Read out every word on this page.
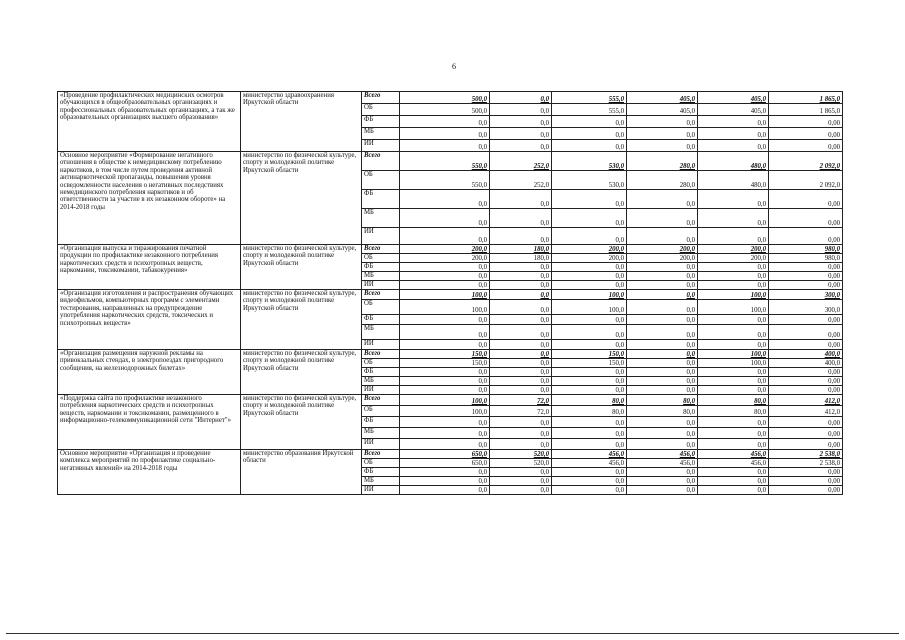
6
«Проведение профилактических медицинских осмотров обучающихся в общеобразовательных организациях и профессиональных образовательных организациях, а так же образовательных организациях высшего образования»	министерство здравоохранения Иркутской области	Всего	500,0	0,0	555,0	405,0	405,0	1 865,0
		ОБ	500,0	0,0	555,0	405,0	405,0	1 865,0
		ФБ	0,0	0,0	0,0	0,0	0,0	0,00
		МБ	0,0	0,0	0,0	0,0	0,0	0,00
		ИИ	0,0	0,0	0,0	0,0	0,0	0,00
Основное мероприятие «Формирование негативного отношения в обществе к немедицинскому потреблению наркотиков, в том числе путем проведения активной антинаркотической пропаганды, повышения уровня осведомленности населения о негативных последствиях немедицинского потребления наркотиков и об ответственности за участие в их незаконном обороте» на 2014-2018 годы	министерство по физической культуре, спорту и молодежной политике Иркутской области	Всего	550,0	252,0	530,0	280,0	480,0	2 092,0
		ОБ	550,0	252,0	530,0	280,0	480,0	2 092,0
		ФБ	0,0	0,0	0,0	0,0	0,0	0,00
		МБ	0,0	0,0	0,0	0,0	0,0	0,00
		ИИ	0,0	0,0	0,0	0,0	0,0	0,00
«Организация выпуска и тиражирования печатной продукции по профилактике незаконного потребления наркотических средств и психотропных веществ, наркомании, токсикомании, табакокурения»	министерство по физической культуре, спорту и молодежной политике Иркутской области	Всего	200,0	180,0	200,0	200,0	200,0	980,0
		ОБ	200,0	180,0	200,0	200,0	200,0	980,0
		ФБ	0,0	0,0	0,0	0,0	0,0	0,00
		МБ	0,0	0,0	0,0	0,0	0,0	0,00
		ИИ	0,0	0,0	0,0	0,0	0,0	0,00
«Организация изготовления и распространения обучающих видеофильмов, компьютерных программ с элементами тестирования, направленных на предупреждение употребления наркотических средств, токсических и психотропных веществ»	министерство по физической культуре, спорту и молодежной политике Иркутской области	Всего	100,0	0,0	100,0	0,0	100,0	300,0
		ОБ	100,0	0,0	100,0	0,0	100,0	300,0
		ФБ	0,0	0,0	0,0	0,0	0,0	0,00
		МБ	0,0	0,0	0,0	0,0	0,0	0,00
		ИИ	0,0	0,0	0,0	0,0	0,0	0,00
«Организация размещения наружной рекламы на привокзальных стендах, в электропоездах пригородного сообщения, на железнодорожных билетах»	министерство по физической культуре, спорту и молодежной политике Иркутской области	Всего	150,0	0,0	150,0	0,0	100,0	400,0
		ОБ	150,0	0,0	150,0	0,0	100,0	400,0
		ФБ	0,0	0,0	0,0	0,0	0,0	0,00
		МБ	0,0	0,0	0,0	0,0	0,0	0,00
		ИИ	0,0	0,0	0,0	0,0	0,0	0,00
«Поддержка сайта по профилактике незаконного потребления наркотических средств и психотропных веществ, наркомании и токсикомании, размещенного в информационно-телекоммуникационной сети "Интернет"»	министерство по физической культуре, спорту и молодежной политике Иркутской области	Всего	100,0	72,0	80,0	80,0	80,0	412,0
		ОБ	100,0	72,0	80,0	80,0	80,0	412,0
		ФБ	0,0	0,0	0,0	0,0	0,0	0,00
		МБ	0,0	0,0	0,0	0,0	0,0	0,00
		ИИ	0,0	0,0	0,0	0,0	0,0	0,00
Основное мероприятие «Организация и проведение комплекса мероприятий по профилактике социально-негативных явлений» на 2014-2018 годы	министерство образования Иркутской области	Всего	650,0	520,0	456,0	456,0	456,0	2 538,0
		ОБ	650,0	520,0	456,0	456,0	456,0	2 538,0
		ФБ	0,0	0,0	0,0	0,0	0,0	0,00
		МБ	0,0	0,0	0,0	0,0	0,0	0,00
		ИИ	0,0	0,0	0,0	0,0	0,0	0,00
